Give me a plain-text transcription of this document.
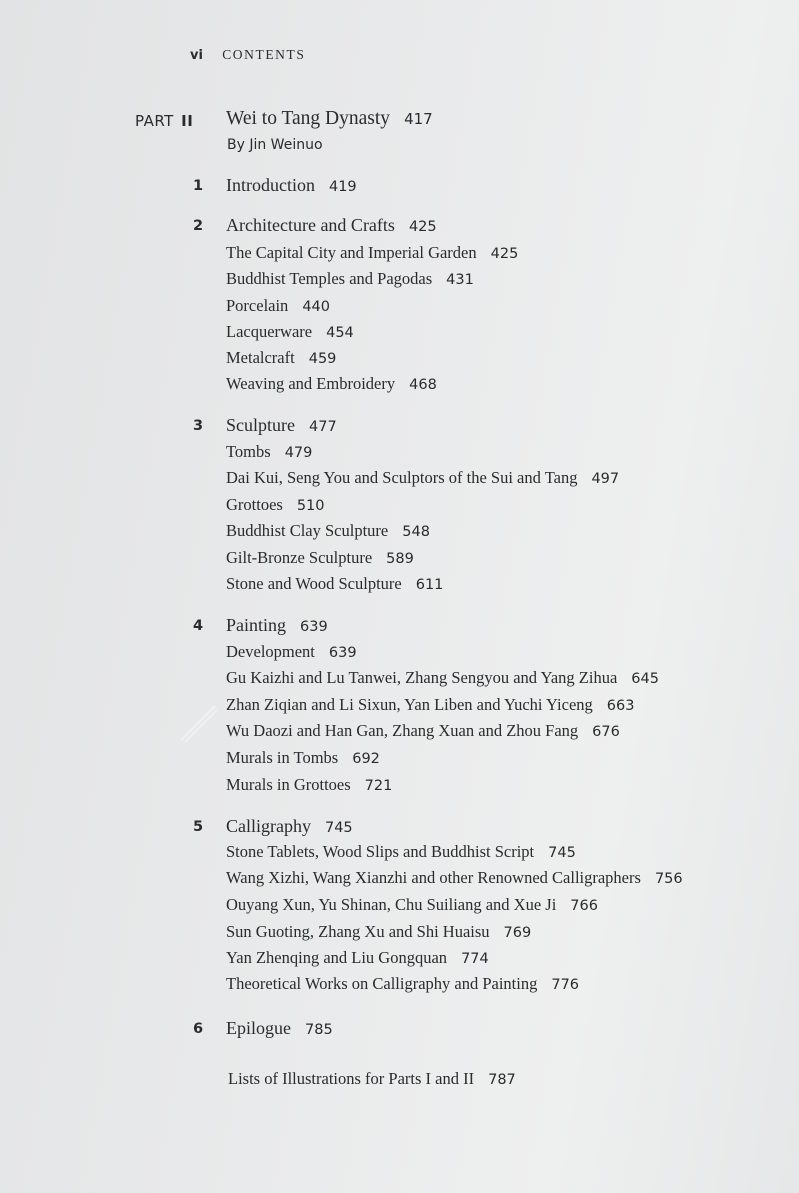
vi CONTENTS
PART II Wei to Tang Dynasty 417
By Jin Weinuo
1 Introduction 419
2 Architecture and Crafts 425
The Capital City and Imperial Garden 425
Buddhist Temples and Pagodas 431
Porcelain 440
Lacquerware 454
Metalcraft 459
Weaving and Embroidery 468
3 Sculpture 477
Tombs 479
Dai Kui, Seng You and Sculptors of the Sui and Tang 497
Grottoes 510
Buddhist Clay Sculpture 548
Gilt-Bronze Sculpture 589
Stone and Wood Sculpture 611
4 Painting 639
Development 639
Gu Kaizhi and Lu Tanwei, Zhang Sengyou and Yang Zihua 645
Zhan Ziqian and Li Sixun, Yan Liben and Yuchi Yiceng 663
Wu Daozi and Han Gan, Zhang Xuan and Zhou Fang 676
Murals in Tombs 692
Murals in Grottoes 721
5 Calligraphy 745
Stone Tablets, Wood Slips and Buddhist Script 745
Wang Xizhi, Wang Xianzhi and other Renowned Calligraphers 756
Ouyang Xun, Yu Shinan, Chu Suiliang and Xue Ji 766
Sun Guoting, Zhang Xu and Shi Huaisu 769
Yan Zhenqing and Liu Gongquan 774
Theoretical Works on Calligraphy and Painting 776
6 Epilogue 785
Lists of Illustrations for Parts I and II 787
